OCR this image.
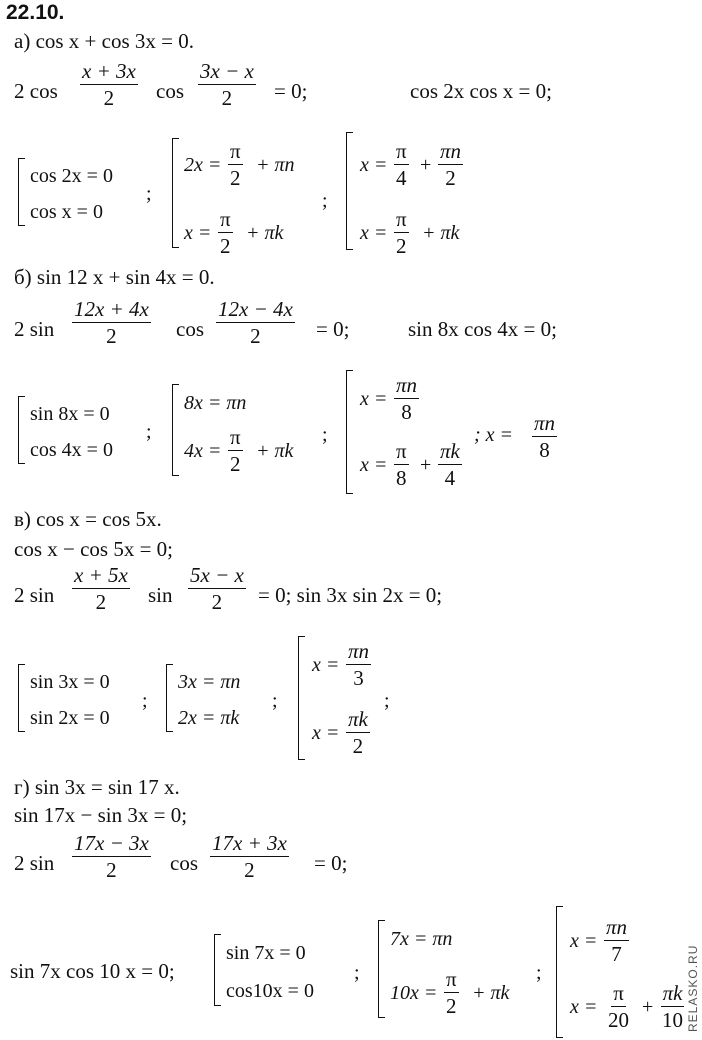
22.10.
а) cos x + cos 3x = 0.
2 $\cos \frac{x + 3x}{2}$ $\cos \frac{3x - x}{2} = 0$;	cos 2x cos x = 0;
cos 2x = 0
cos x = 0
;
$2x = \frac{\pi}{2} + \pi n$
$x = \frac{\pi}{2} + \pi k$
;
$x = \frac{\pi}{4} + \frac{\pi n}{2}$
$x = \frac{\pi}{2} + \pi k$
б) sin 12 x + sin 4x = 0.
2 $\sin \frac{12x + 4x}{2}$ $\cos \frac{12x - 4x}{2} = 0$;	sin 8x cos 4x = 0;
sin 8x = 0
cos 4x = 0
;
8x = πn
$4x = \frac{\pi}{2} + \pi k$
;
$x = \frac{\pi n}{8}$
$x = \frac{\pi}{8} + \frac{\pi k}{4}$
; $x = \frac{\pi n}{8}$
в) cos x = cos 5x.
cos x − cos 5x = 0;
2 $\sin \frac{x + 5x}{2}$ $\sin \frac{5x - x}{2} = 0$; sin 3x sin 2x = 0;
sin 3x = 0
sin 2x = 0
;
3x = πn
2x = πk
;
$x = \frac{\pi n}{3}$
$x = \frac{\pi k}{2}$
;
г) sin 3x = sin 17 x.
sin 17x − sin 3x = 0;
2 $\sin \frac{17x - 3x}{2}$ $\cos \frac{17x + 3x}{2} = 0$;
sin 7x cos 10 x = 0;
sin 7x = 0
cos10x = 0
;
7x = πn
$10x = \frac{\pi}{2} + \pi k$
;
$x = \frac{\pi n}{7}$
$x = \frac{\pi}{20} + \frac{\pi k}{10}$ RELASKO.RU
